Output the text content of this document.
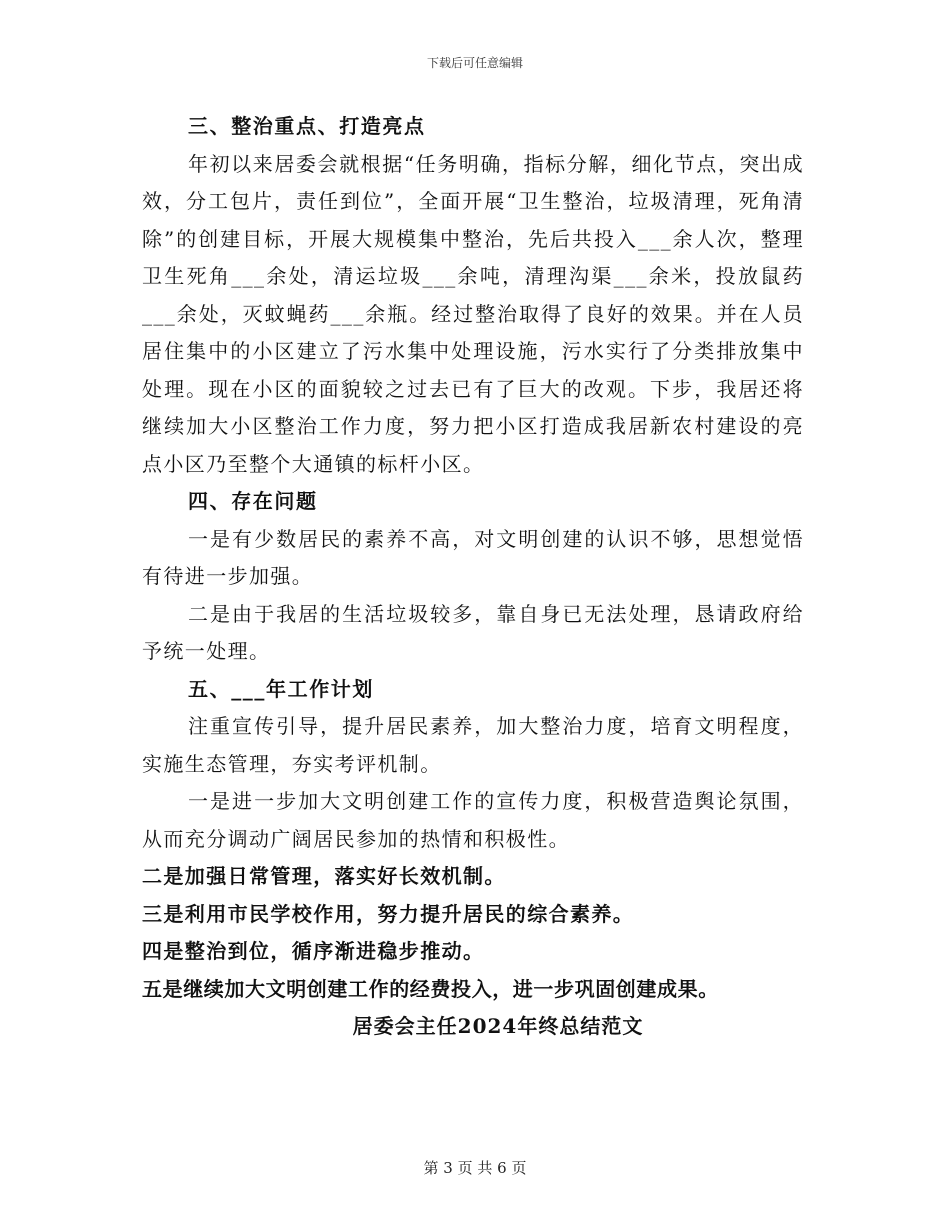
下载后可任意编辑

三、整治重点、打造亮点

年初以来居委会就根据“任务明确，指标分解，细化节点，突出成效，分工包片，责任到位”，全面开展“卫生整治，垃圾清理，死角清除”的创建目标，开展大规模集中整治，先后共投入___余人次，整理卫生死角___余处，清运垃圾___余吨，清理沟渠___余米，投放鼠药___余处，灭蚊蝇药___余瓶。经过整治取得了良好的效果。并在人员居住集中的小区建立了污水集中处理设施，污水实行了分类排放集中处理。现在小区的面貌较之过去已有了巨大的改观。下步，我居还将继续加大小区整治工作力度，努力把小区打造成我居新农村建设的亮点小区乃至整个大通镇的标杆小区。

四、存在问题

一是有少数居民的素养不高，对文明创建的认识不够，思想觉悟有待进一步加强。

二是由于我居的生活垃圾较多，靠自身已无法处理，恳请政府给予统一处理。

五、___年工作计划

注重宣传引导，提升居民素养，加大整治力度，培育文明程度，实施生态管理，夯实考评机制。

一是进一步加大文明创建工作的宣传力度，积极营造舆论氛围，从而充分调动广阔居民参加的热情和积极性。

二是加强日常管理，落实好长效机制。

三是利用市民学校作用，努力提升居民的综合素养。

四是整治到位，循序渐进稳步推动。

五是继续加大文明创建工作的经费投入，进一步巩固创建成果。

居委会主任2024年终总结范文

第 3 页 共 6 页
